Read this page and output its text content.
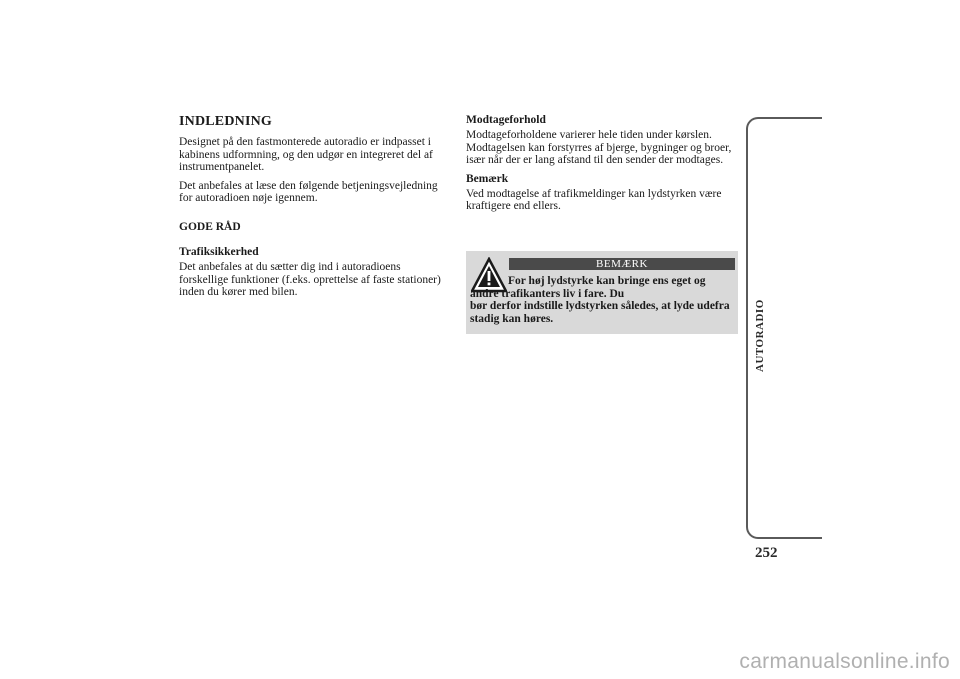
INDLEDNING

Designet på den fastmonterede autoradio er indpasset i kabinens udformning, og den udgør en integreret del af instrumentpanelet.

Det anbefales at læse den følgende betjeningsvejledning for autoradioen nøje igennem.

GODE RÅD
Trafiksikkerhed

Det anbefales at du sætter dig ind i autoradioens forskellige funktioner (f.eks. oprettelse af faste stationer) inden du kører med bilen.

Modtageforhold

Modtageforholdene varierer hele tiden under kørslen. Modtagelsen kan forstyrres af bjerge, bygninger og broer, især når der er lang afstand til den sender der modtages.

Bemærk

Ved modtagelse af trafikmeldinger kan lydstyrken være kraftigere end ellers.

BEMÆRK
For høj lydstyrke kan bringe ens eget og andre trafikanters liv i fare. Du
bør derfor indstille lydstyrken således, at lyde udefra stadig kan høres.	AUTORADIO
252
carmanualsonline.info
